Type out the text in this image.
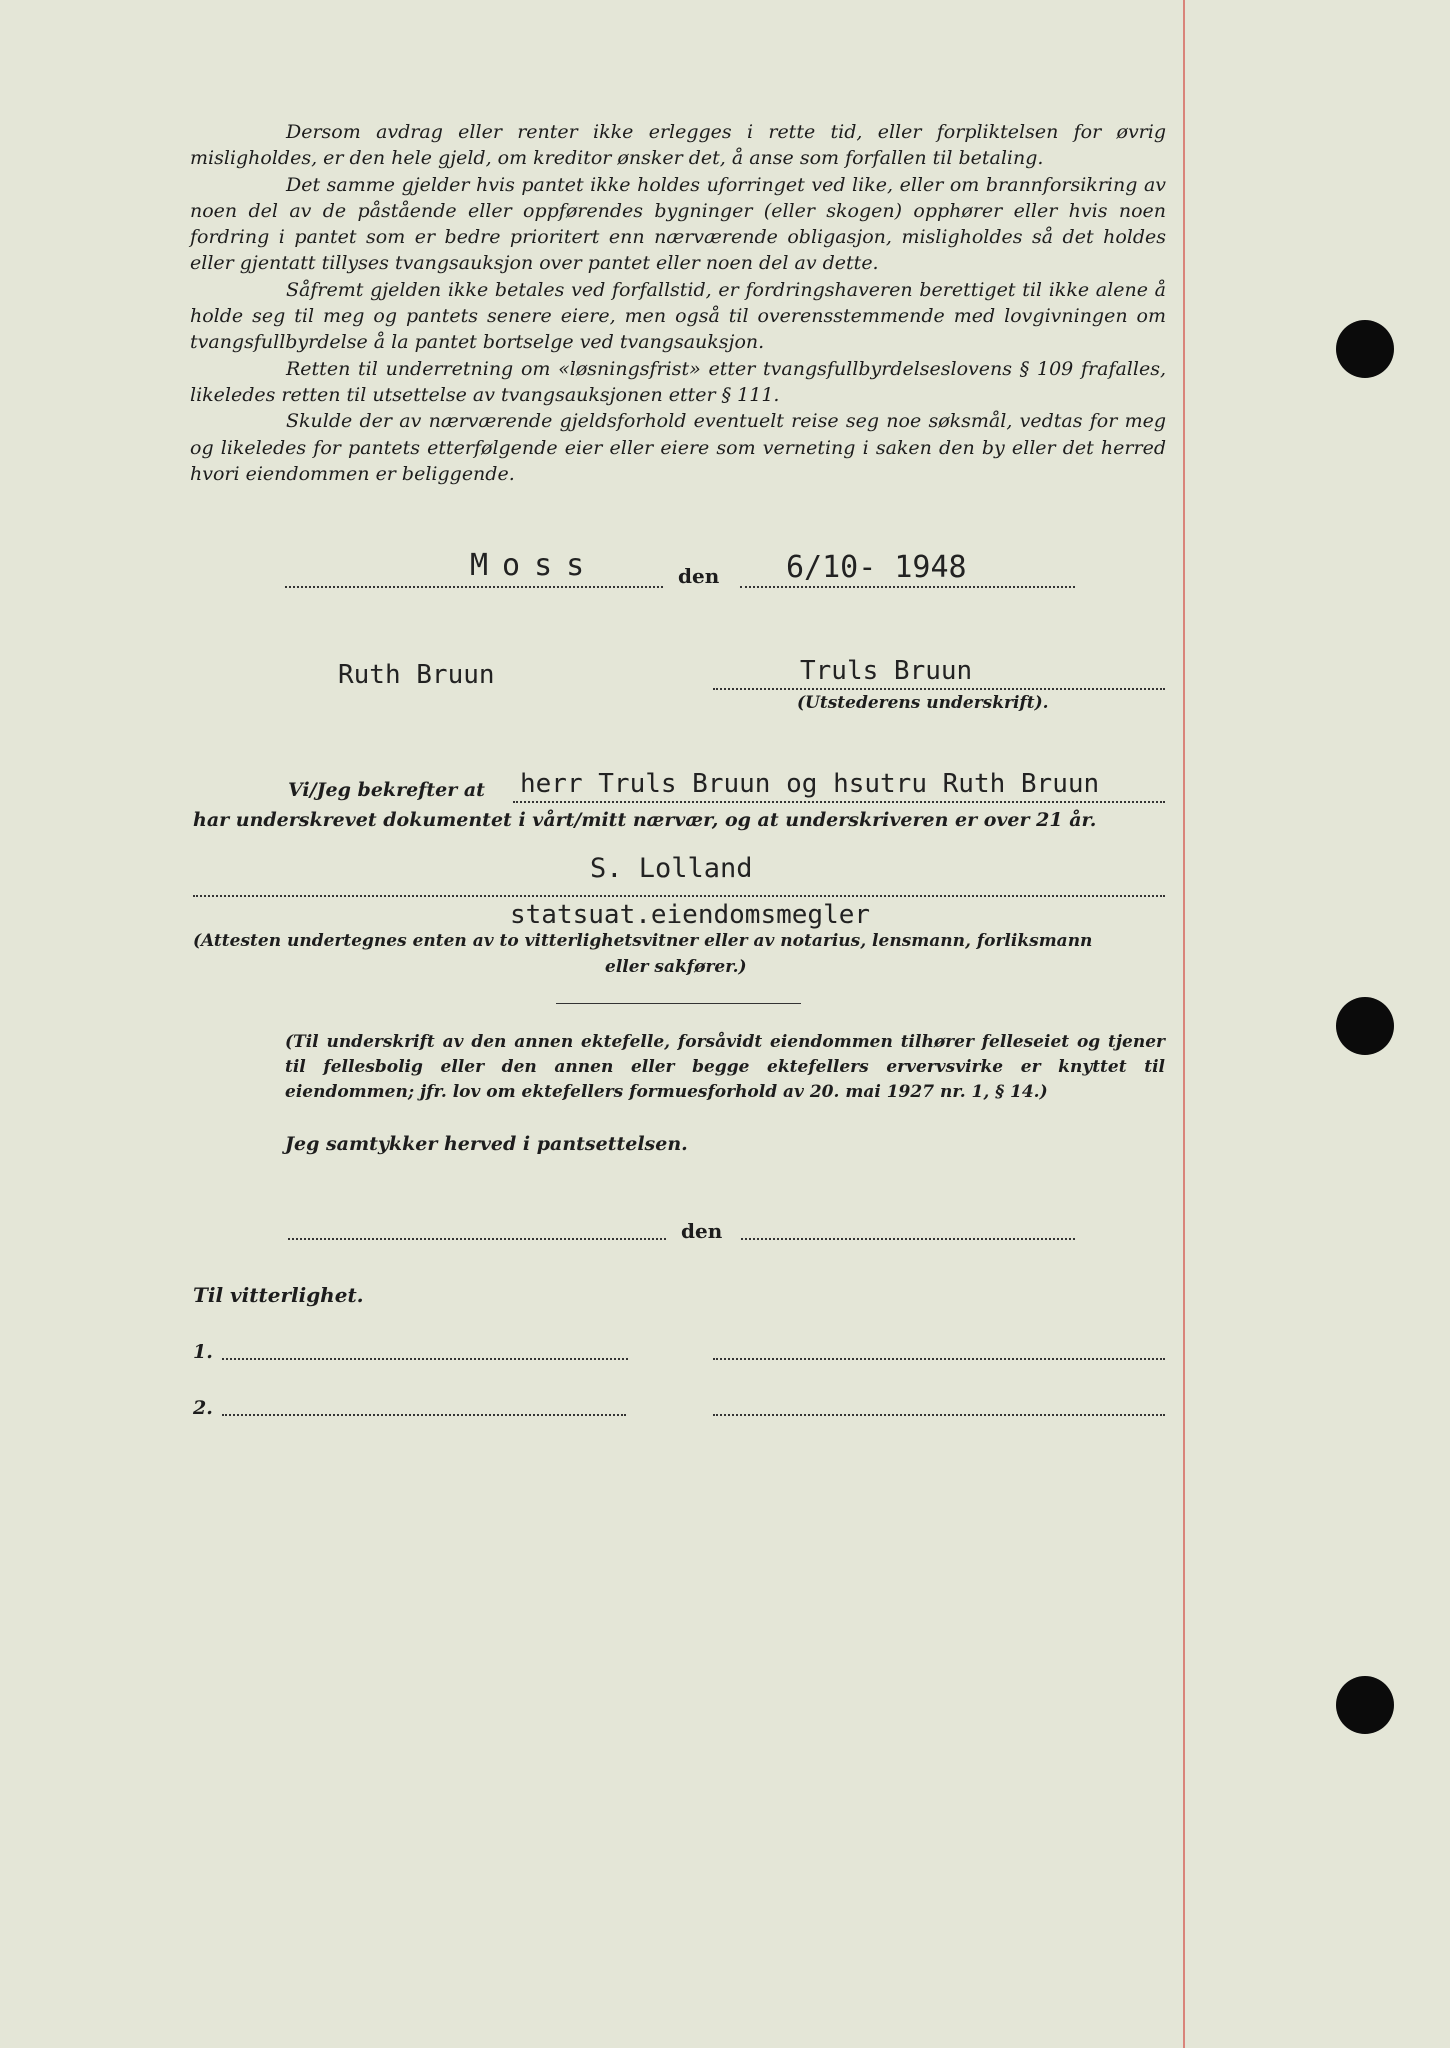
Dersom avdrag eller renter ikke erlegges i rette tid, eller forpliktelsen for øvrig misligholdes, er den hele gjeld, om kreditor ønsker det, å anse som forfallen til betaling.

Det samme gjelder hvis pantet ikke holdes uforringet ved like, eller om brannforsikring av noen del av de påstående eller oppførendes bygninger (eller skogen) opphører eller hvis noen fordring i pantet som er bedre prioritert enn nærværende obligasjon, misligholdes så det holdes eller gjentatt tillyses tvangsauksjon over pantet eller noen del av dette.

Såfremt gjelden ikke betales ved forfallstid, er fordringshaveren berettiget til ikke alene å holde seg til meg og pantets senere eiere, men også til overensstemmende med lovgivningen om tvangsfullbyrdelse å la pantet bortselge ved tvangsauksjon.

Retten til underretning om «løsningsfrist» etter tvangsfullbyrdelseslovens § 109 frafalles, likeledes retten til utsettelse av tvangsauksjonen etter § 111.

Skulde der av nærværende gjeldsforhold eventuelt reise seg noe søksmål, vedtas for meg og likeledes for pantets etterfølgende eier eller eiere som verneting i saken den by eller det herred hvori eiendommen er beliggende.

Moss	den 6/10- 1948
Ruth Bruun	Truls Bruun
(Utstederens underskrift).
Vi/Jeg bekrefter at herr Truls Bruun og hsutru Ruth Bruun
har underskrevet dokumentet i vårt/mitt nærvær, og at underskriveren er over 21 år.
S. Lolland
statsuat.eiendomsmegler
(Attesten undertegnes enten av to vitterlighetsvitner eller av notarius, lensmann, forliksmann
eller sakfører.)
(Til underskrift av den annen ektefelle, forsåvidt eiendommen tilhører felleseiet og tjener til fellesbolig eller den annen eller begge ektefellers ervervsvirke er knyttet til eiendommen; jfr. lov om ektefellers formuesforhold av 20. mai 1927 nr. 1, § 14.)
Jeg samtykker herved i pantsettelsen.
den
Til vitterlighet.
1.
2.
